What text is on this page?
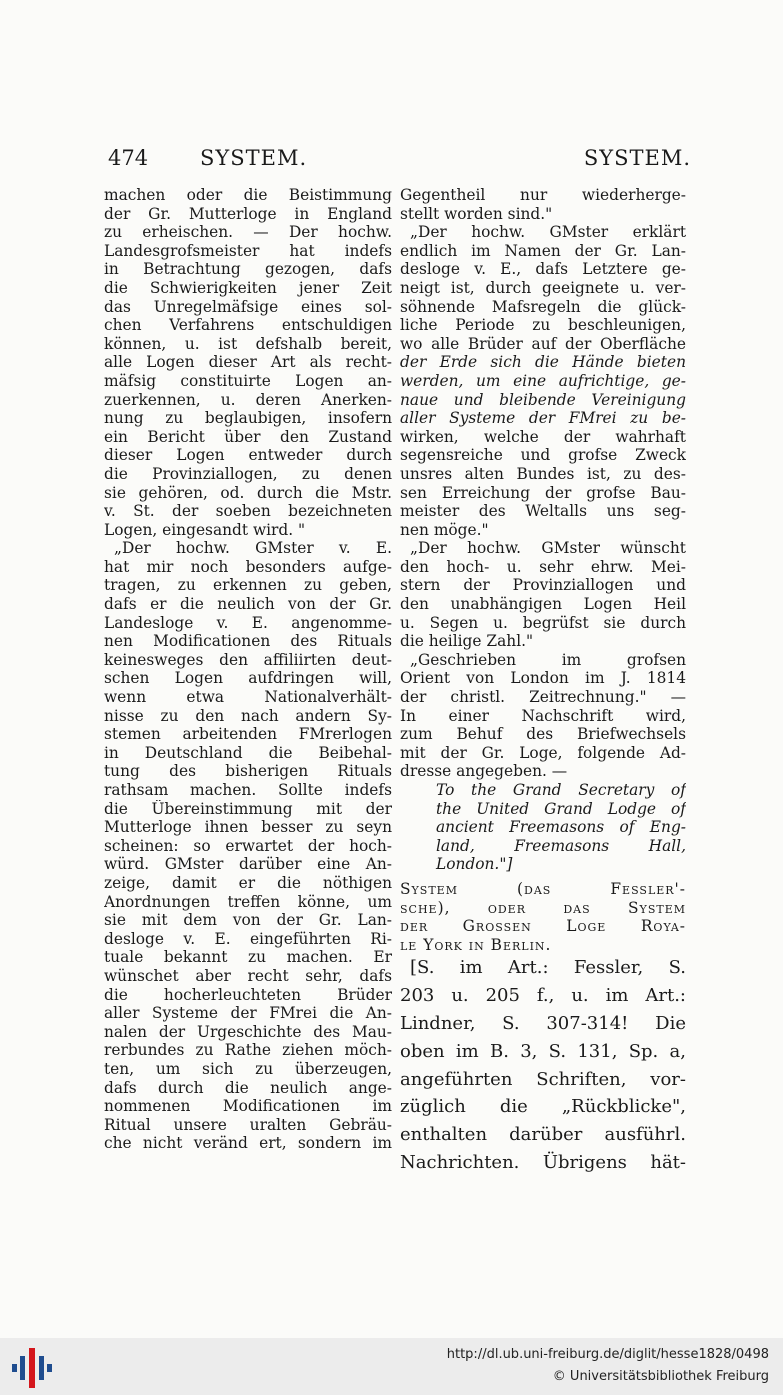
474 SYSTEM.	SYSTEM.
machen oder die Beistimmung
der Gr. Mutterloge in England
zu erheischen. — Der hochw.
Landesgrofsmeister hat indefs
in Betrachtung gezogen, dafs
die Schwierigkeiten jener Zeit
das Unregelmäfsige eines sol-
chen Verfahrens entschuldigen
können, u. ist defshalb bereit,
alle Logen dieser Art als recht-
mäfsig constituirte Logen an-
zuerkennen, u. deren Anerken-
nung zu beglaubigen, insofern
ein Bericht über den Zustand
dieser Logen entweder durch
die Provinziallogen, zu denen
sie gehören, od. durch die Mstr.
v. St. der soeben bezeichneten
Logen, eingesandt wird. "
„Der hochw. GMster v. E.
hat mir noch besonders aufge-
tragen, zu erkennen zu geben,
dafs er die neulich von der Gr.
Landesloge v. E. angenomme-
nen Modificationen des Rituals
keinesweges den affiliirten deut-
schen Logen aufdringen will,
wenn etwa Nationalverhält-
nisse zu den nach andern Sy-
stemen arbeitenden FMrerlogen
in Deutschland die Beibehal-
tung des bisherigen Rituals
rathsam machen. Sollte indefs
die Übereinstimmung mit der
Mutterloge ihnen besser zu seyn
scheinen: so erwartet der hoch-
würd. GMster darüber eine An-
zeige, damit er die nöthigen
Anordnungen treffen könne, um
sie mit dem von der Gr. Lan-
desloge v. E. eingeführten Ri-
tuale bekannt zu machen. Er
wünschet aber recht sehr, dafs
die hocherleuchteten Brüder
aller Systeme der FMrei die An-
nalen der Urgeschichte des Mau-
rerbundes zu Rathe ziehen möch-
ten, um sich zu überzeugen,
dafs durch die neulich ange-
nommenen Modificationen im
Ritual unsere uralten Gebräu-
che nicht veränd ert, sondern im
Gegentheil nur wiederherge-
stellt worden sind."
„Der hochw. GMster erklärt
endlich im Namen der Gr. Lan-
desloge v. E., dafs Letztere ge-
neigt ist, durch geeignete u. ver-
söhnende Mafsregeln die glück-
liche Periode zu beschleunigen,
wo alle Brüder auf der Oberfläche
der Erde sich die Hände bieten
werden, um eine aufrichtige, ge-
naue und bleibende Vereinigung
aller Systeme der FMrei zu be-
wirken, welche der wahrhaft
segensreiche und grofse Zweck
unsres alten Bundes ist, zu des-
sen Erreichung der grofse Bau-
meister des Weltalls uns seg-
nen möge."
„Der hochw. GMster wünscht
den hoch- u. sehr ehrw. Mei-
stern der Provinziallogen und
den unabhängigen Logen Heil
u. Segen u. begrüfst sie durch
die heilige Zahl."
„Geschrieben im grofsen
Orient von London im J. 1814
der christl. Zeitrechnung." —
In einer Nachschrift wird,
zum Behuf des Briefwechsels
mit der Gr. Loge, folgende Ad-
dresse angegeben. —
To the Grand Secretary of
the United Grand Lodge of
ancient Freemasons of Eng-
land, Freemasons Hall,
London."]
System (das Fessler'-
sche), oder das System
der Grossen Loge Roya-
le York in Berlin.
[S. im Art.: Fessler, S.
203 u. 205 f., u. im Art.:
Lindner, S. 307-314! Die
oben im B. 3, S. 131, Sp. a,
angeführten Schriften, vor-
züglich die „Rückblicke",
enthalten darüber ausführl.
Nachrichten. Übrigens hät-
http://dl.ub.uni-freiburg.de/diglit/hesse1828/0498
© Universitätsbibliothek Freiburg
